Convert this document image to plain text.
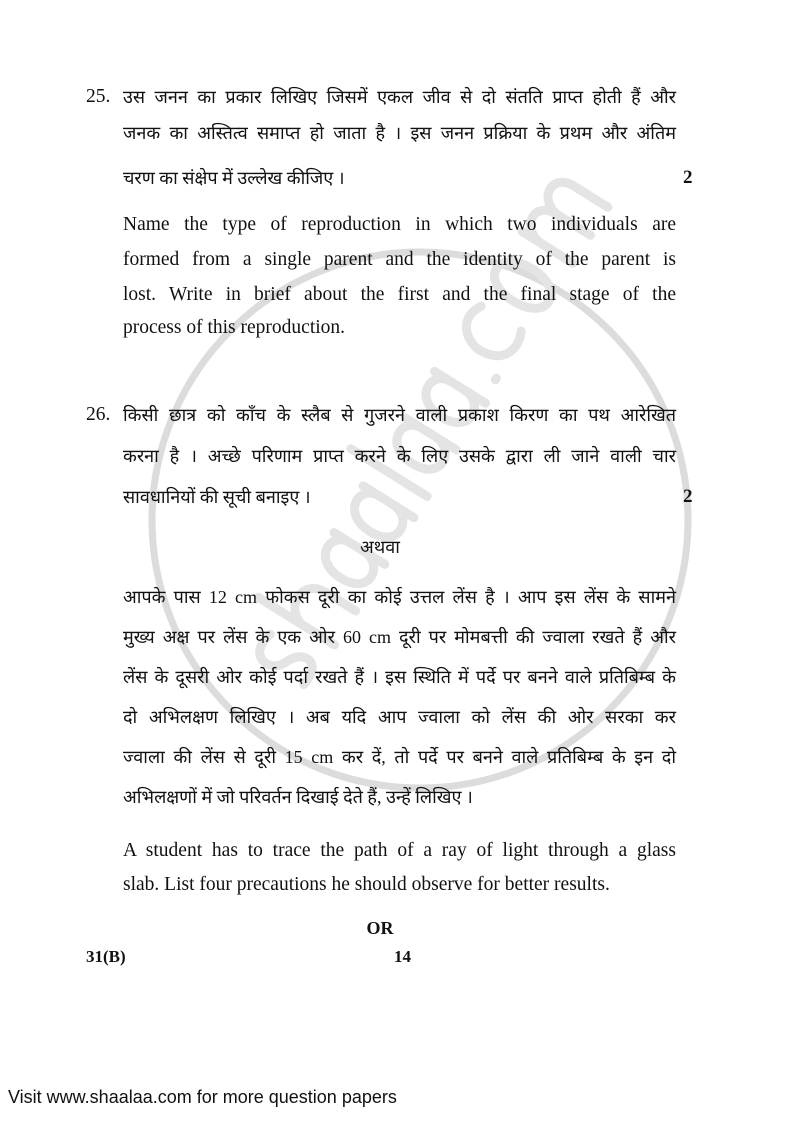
25. उस जनन का प्रकार लिखिए जिसमें एकल जीव से दो संतति प्राप्त होती हैं और
जनक का अस्तित्व समाप्त हो जाता है । इस जनन प्रक्रिया के प्रथम और अंतिम
चरण का संक्षेप में उल्लेख कीजिए ।	2
Name the type of reproduction in which two individuals are
formed from a single parent and the identity of the parent is
lost. Write in brief about the first and the final stage of the
process of this reproduction.
26. किसी छात्र को काँच के स्लैब से गुजरने वाली प्रकाश किरण का पथ आरेखित
करना है । अच्छे परिणाम प्राप्त करने के लिए उसके द्वारा ली जाने वाली चार
सावधानियों की सूची बनाइए ।	2
अथवा
आपके पास 12 cm फोकस दूरी का कोई उत्तल लेंस है । आप इस लेंस के सामने
मुख्य अक्ष पर लेंस के एक ओर 60 cm दूरी पर मोमबत्ती की ज्वाला रखते हैं और
लेंस के दूसरी ओर कोई पर्दा रखते हैं । इस स्थिति में पर्दे पर बनने वाले प्रतिबिम्ब के
दो अभिलक्षण लिखिए । अब यदि आप ज्वाला को लेंस की ओर सरका कर
ज्वाला की लेंस से दूरी 15 cm कर दें, तो पर्दे पर बनने वाले प्रतिबिम्ब के इन दो
अभिलक्षणों में जो परिवर्तन दिखाई देते हैं, उन्हें लिखिए ।
A student has to trace the path of a ray of light through a glass
slab. List four precautions he should observe for better results.
OR
31(B)	14
Visit www.shaalaa.com for more question papers
